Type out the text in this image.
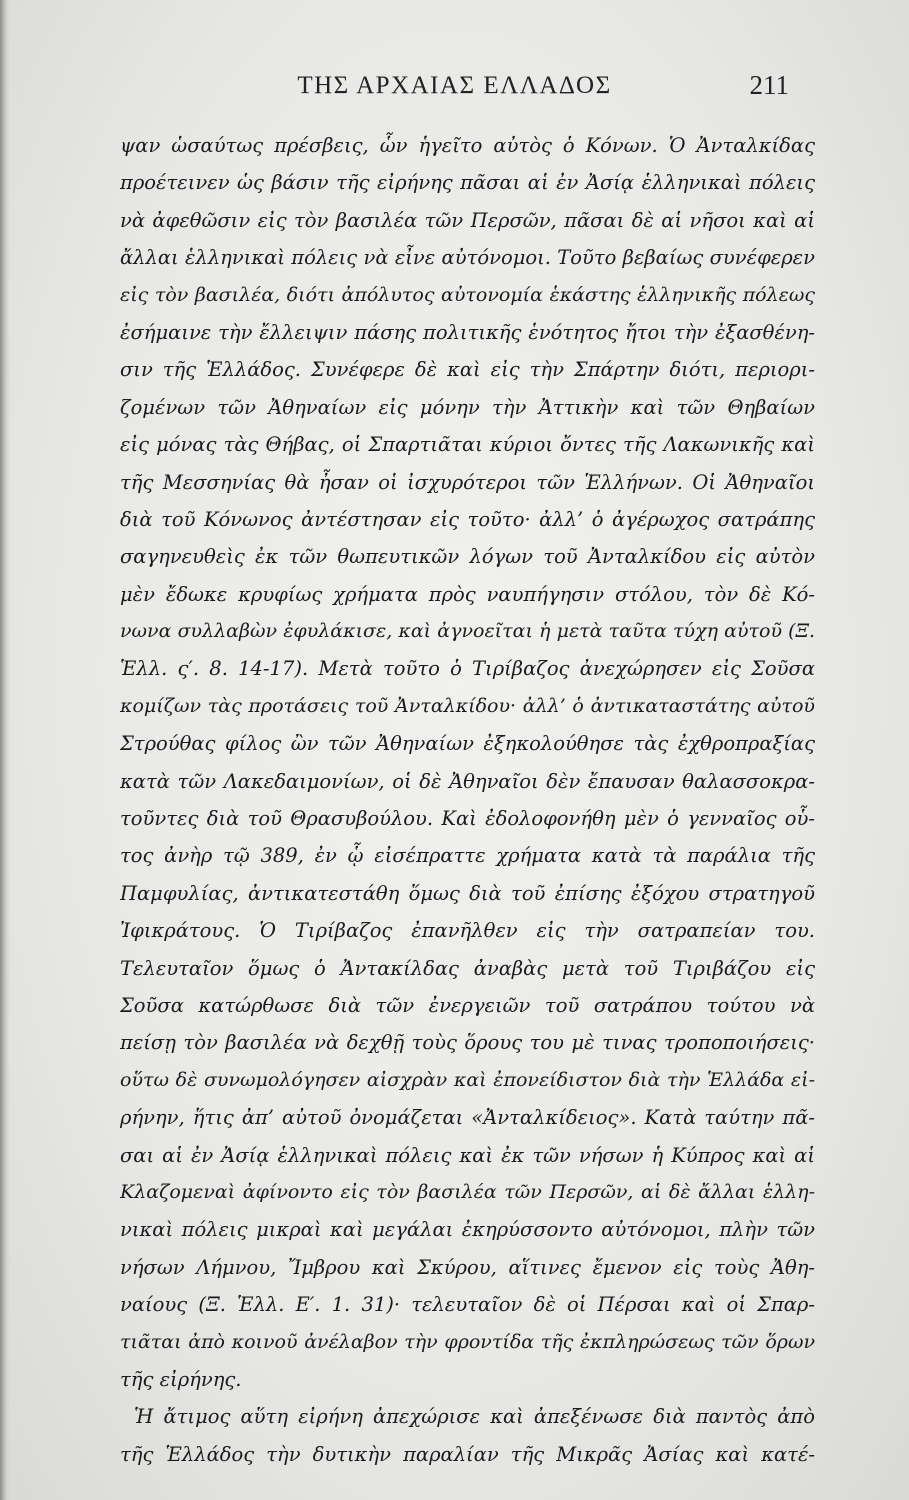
ΤΗΣ ΑΡΧΑΙΑΣ ΕΛΛΑΔΟΣ	211
ψαν ὡσαύτως πρέσβεις, ὧν ἡγεῖτο αὐτὸς ὁ Κόνων. Ὁ Ἀνταλκίδας
προέτεινεν ὡς βάσιν τῆς εἰρήνης πᾶσαι αἱ ἐν Ἀσίᾳ ἑλληνικαὶ πόλεις
νὰ ἀφεθῶσιν εἰς τὸν βασιλέα τῶν Περσῶν, πᾶσαι δὲ αἱ νῆσοι καὶ αἱ
ἄλλαι ἑλληνικαὶ πόλεις νὰ εἶνε αὐτόνομοι. Τοῦτο βεβαίως συνέφερεν
εἰς τὸν βασιλέα, διότι ἀπόλυτος αὐτονομία ἑκάστης ἑλληνικῆς πόλεως
ἐσήμαινε τὴν ἔλλειψιν πάσης πολιτικῆς ἑνότητος ἤτοι τὴν ἐξασθένη-
σιν τῆς Ἑλλάδος. Συνέφερε δὲ καὶ εἰς τὴν Σπάρτην διότι, περιορι-
ζομένων τῶν Ἀθηναίων εἰς μόνην τὴν Ἀττικὴν καὶ τῶν Θηβαίων
εἰς μόνας τὰς Θήβας, οἱ Σπαρτιᾶται κύριοι ὄντες τῆς Λακωνικῆς καὶ
τῆς Μεσσηνίας θὰ ἦσαν οἱ ἰσχυρότεροι τῶν Ἑλλήνων. Οἱ Ἀθηναῖοι
διὰ τοῦ Κόνωνος ἀντέστησαν εἰς τοῦτο· ἀλλ’ ὁ ἀγέρωχος σατράπης
σαγηνευθεὶς ἐκ τῶν θωπευτικῶν λόγων τοῦ Ἀνταλκίδου εἰς αὐτὸν
μὲν ἔδωκε κρυφίως χρήματα πρὸς ναυπήγησιν στόλου, τὸν δὲ Κό-
νωνα συλλαβὼν ἐφυλάκισε, καὶ ἀγνοεῖται ἡ μετὰ ταῦτα τύχη αὐτοῦ (Ξ.
Ἑλλ. ς′. 8. 14-17). Μετὰ τοῦτο ὁ Τιρίβαζος ἀνεχώρησεν εἰς Σοῦσα
κομίζων τὰς προτάσεις τοῦ Ἀνταλκίδου· ἀλλ’ ὁ ἀντικαταστάτης αὐτοῦ
Στρούθας φίλος ὢν τῶν Ἀθηναίων ἐξηκολούθησε τὰς ἐχθροπραξίας
κατὰ τῶν Λακεδαιμονίων, οἱ δὲ Ἀθηναῖοι δὲν ἔπαυσαν θαλασσοκρα-
τοῦντες διὰ τοῦ Θρασυβούλου. Καὶ ἐδολοφονήθη μὲν ὁ γενναῖος οὗ-
τος ἀνὴρ τῷ 389, ἐν ᾧ εἰσέπραττε χρήματα κατὰ τὰ παράλια τῆς
Παμφυλίας, ἀντικατεστάθη ὅμως διὰ τοῦ ἐπίσης ἐξόχου στρατηγοῦ
Ἰφικράτους. Ὁ Τιρίβαζος ἐπανῆλθεν εἰς τὴν σατραπείαν του.
Τελευταῖον ὅμως ὁ Ἀντακίλδας ἀναβὰς μετὰ τοῦ Τιριβάζου εἰς
Σοῦσα κατώρθωσε διὰ τῶν ἐνεργειῶν τοῦ σατράπου τούτου νὰ
πείσῃ τὸν βασιλέα νὰ δεχθῇ τοὺς ὅρους του μὲ τινας τροποποιήσεις·
οὕτω δὲ συνωμολόγησεν αἰσχρὰν καὶ ἐπονείδιστον διὰ τὴν Ἑλλάδα εἰ-
ρήνην, ἥτις ἀπ’ αὐτοῦ ὀνομάζεται «Ἀνταλκίδειος». Κατὰ ταύτην πᾶ-
σαι αἱ ἐν Ἀσίᾳ ἑλληνικαὶ πόλεις καὶ ἐκ τῶν νήσων ἡ Κύπρος καὶ αἱ
Κλαζομεναὶ ἀφίνοντο εἰς τὸν βασιλέα τῶν Περσῶν, αἱ δὲ ἄλλαι ἑλλη-
νικαὶ πόλεις μικραὶ καὶ μεγάλαι ἐκηρύσσοντο αὐτόνομοι, πλὴν τῶν
νήσων Λήμνου, Ἴμβρου καὶ Σκύρου, αἵτινες ἔμενον εἰς τοὺς Ἀθη-
ναίους (Ξ. Ἑλλ. Ε′. 1. 31)· τελευταῖον δὲ οἱ Πέρσαι καὶ οἱ Σπαρ-
τιᾶται ἀπὸ κοινοῦ ἀνέλαβον τὴν φροντίδα τῆς ἐκπληρώσεως τῶν ὅρων
τῆς εἰρήνης.
Ἡ ἄτιμος αὕτη εἰρήνη ἀπεχώρισε καὶ ἀπεξένωσε διὰ παντὸς ἀπὸ
τῆς Ἑλλάδος τὴν δυτικὴν παραλίαν τῆς Μικρᾶς Ἀσίας καὶ κατέ-
